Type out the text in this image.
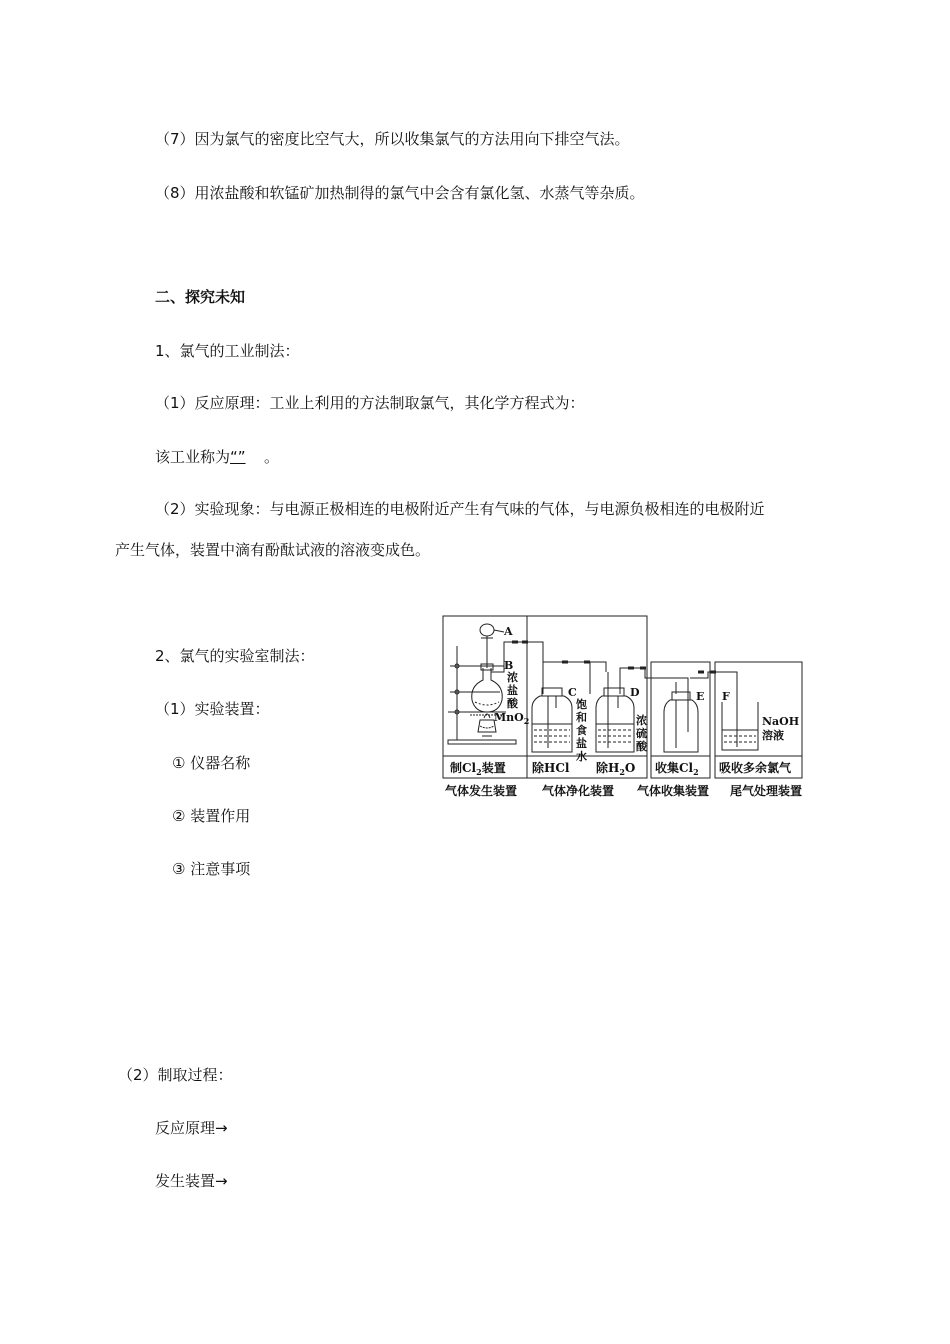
（7）因为氯气的密度比空气大，所以收集氯气的方法用向下排空气法。
（8）用浓盐酸和软锰矿加热制得的氯气中会含有氯化氢、水蒸气等杂质。
二、探究未知
1、氯气的工业制法：
（1）反应原理：工业上利用的方法制取氯气，其化学方程式为：
该工业称为“” 。
（2）实验现象：与电源正极相连的电极附近产生有气味的气体，与电源负极相连的电极附近
产生气体，装置中滴有酚酞试液的溶液变成色。
2、氯气的实验室制法：
（1）实验装置：
① 仪器名称
② 装置作用
③ 注意事项
（2）制取过程：
反应原理→
发生装置→
A
B
C	D	E F
浓
盐
酸
MnO$_2$
饱
和
食
盐
水
浓
硫
酸
NaOH
溶液
制$Cl_2$装置 除HCl 除$H_2O$ 收集$Cl_2$ 吸收多余氯气
气体发生装置 气体净化装置 气体收集装置 尾气处理装置
